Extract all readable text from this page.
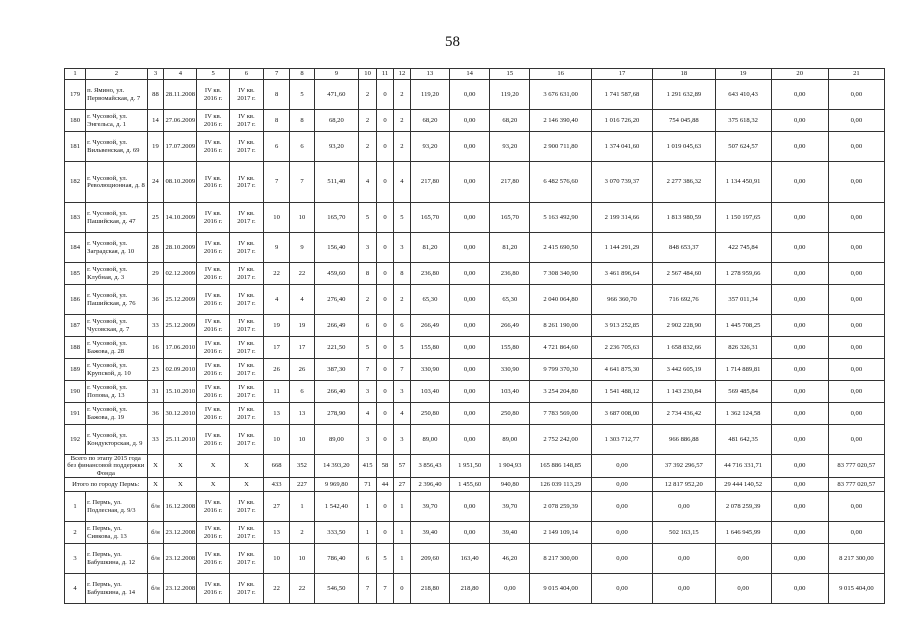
58
1	2	3	4	5	6	7	8	9	10	11	12	13	14	15	16	17	18	19	20	21
179	п. Ямино, ул. Первомайская, д. 7	88	28.11.2008	IV кв. 2016 г.	IV кв. 2017 г.	8	5	471,60	2	0	2	119,20	0,00	119,20	3 676 631,00	1 741 587,68	1 291 632,89	643 410,43	0,00	0,00
180	г. Чусовой, ул. Энгельса, д. 1	14	27.06.2009	IV кв. 2016 г.	IV кв. 2017 г.	8	8	68,20	2	0	2	68,20	0,00	68,20	2 146 390,40	1 016 726,20	754 045,88	375 618,32	0,00	0,00
181	г. Чусовой, ул. Вильвенская, д. 69	19	17.07.2009	IV кв. 2016 г.	IV кв. 2017 г.	6	6	93,20	2	0	2	93,20	0,00	93,20	2 900 711,80	1 374 041,60	1 019 045,63	507 624,57	0,00	0,00
182	г. Чусовой, ул. Революционная, д. 8	24	08.10.2009	IV кв. 2016 г.	IV кв. 2017 г.	7	7	511,40	4	0	4	217,80	0,00	217,80	6 482 576,60	3 070 739,37	2 277 386,32	1 134 450,91	0,00	0,00
183	г. Чусовой, ул. Пашийская, д. 47	25	14.10.2009	IV кв. 2016 г.	IV кв. 2017 г.	10	10	165,70	5	0	5	165,70	0,00	165,70	5 163 492,90	2 199 314,66	1 813 980,59	1 150 197,65	0,00	0,00
184	г. Чусовой, ул. Заградская, д. 10	28	28.10.2009	IV кв. 2016 г.	IV кв. 2017 г.	9	9	156,40	3	0	3	81,20	0,00	81,20	2 415 690,50	1 144 291,29	848 653,37	422 745,84	0,00	0,00
185	г. Чусовой, ул. Клубная, д. 3	29	02.12.2009	IV кв. 2016 г.	IV кв. 2017 г.	22	22	459,60	8	0	8	236,80	0,00	236,80	7 308 340,90	3 461 896,64	2 567 484,60	1 278 959,66	0,00	0,00
186	г. Чусовой, ул. Пашийская, д. 76	36	25.12.2009	IV кв. 2016 г.	IV кв. 2017 г.	4	4	276,40	2	0	2	65,30	0,00	65,30	2 040 064,80	966 360,70	716 692,76	357 011,34	0,00	0,00
187	г. Чусовой, ул. Чусовская, д. 7	33	25.12.2009	IV кв. 2016 г.	IV кв. 2017 г.	19	19	266,49	6	0	6	266,49	0,00	266,49	8 261 190,00	3 913 252,85	2 902 228,90	1 445 708,25	0,00	0,00
188	г. Чусовой, ул. Бажова, д. 28	16	17.06.2010	IV кв. 2016 г.	IV кв. 2017 г.	17	17	221,50	5	0	5	155,80	0,00	155,80	4 721 864,60	2 236 705,63	1 658 832,66	826 326,31	0,00	0,00
189	г. Чусовой, ул. Крупской, д. 10	23	02.09.2010	IV кв. 2016 г.	IV кв. 2017 г.	26	26	387,30	7	0	7	330,90	0,00	330,90	9 799 370,30	4 641 875,30	3 442 605,19	1 714 889,81	0,00	0,00
190	г. Чусовой, ул. Попова, д. 13	31	15.10.2010	IV кв. 2016 г.	IV кв. 2017 г.	11	6	266,40	3	0	3	103,40	0,00	103,40	3 254 204,80	1 541 488,12	1 143 230,84	569 485,84	0,00	0,00
191	г. Чусовой, ул. Бажова, д. 19	36	30.12.2010	IV кв. 2016 г.	IV кв. 2017 г.	13	13	278,90	4	0	4	250,80	0,00	250,80	7 783 569,00	3 687 008,00	2 734 436,42	1 362 124,58	0,00	0,00
192	г. Чусовой, ул. Кондукторская, д. 9	33	25.11.2010	IV кв. 2016 г.	IV кв. 2017 г.	10	10	89,00	3	0	3	89,00	0,00	89,00	2 752 242,00	1 303 712,77	966 886,88	481 642,35	0,00	0,00
Всего по этапу 2015 года без финансовой поддержки Фонда		X	X	X	X	668	352	14 393,20	415	58	57	3 856,43	1 951,50	1 904,93	165 886 148,85	0,00	37 392 296,57	44 716 331,71	0,00	83 777 020,57
Итого по городу Пермь:		X	X	X	X	433	227	9 969,80	71	44	27	2 396,40	1 455,60	940,80	126 039 113,29	0,00	12 817 952,20	29 444 140,52	0,00	83 777 020,57
1	г. Пермь, ул. Подлесная, д. 9/3	б/н	16.12.2008	IV кв. 2016 г.	IV кв. 2017 г.	27	1	1 542,40	1	0	1	39,70	0,00	39,70	2 078 259,39	0,00	0,00	2 078 259,39	0,00	0,00
2	г. Пермь, ул. Сивкова, д. 13	б/н	23.12.2008	IV кв. 2016 г.	IV кв. 2017 г.	13	2	333,50	1	0	1	39,40	0,00	39,40	2 149 109,14	0,00	502 163,15	1 646 945,99	0,00	0,00
3	г. Пермь, ул. Бабушкина, д. 12	б/н	23.12.2008	IV кв. 2016 г.	IV кв. 2017 г.	10	10	786,40	6	5	1	209,60	163,40	46,20	8 217 300,00	0,00	0,00	0,00	0,00	8 217 300,00
4	г. Пермь, ул. Бабушкина, д. 14	б/н	23.12.2008	IV кв. 2016 г.	IV кв. 2017 г.	22	22	546,50	7	7	0	218,80	218,80	0,00	9 015 404,00	0,00	0,00	0,00	0,00	9 015 404,00
